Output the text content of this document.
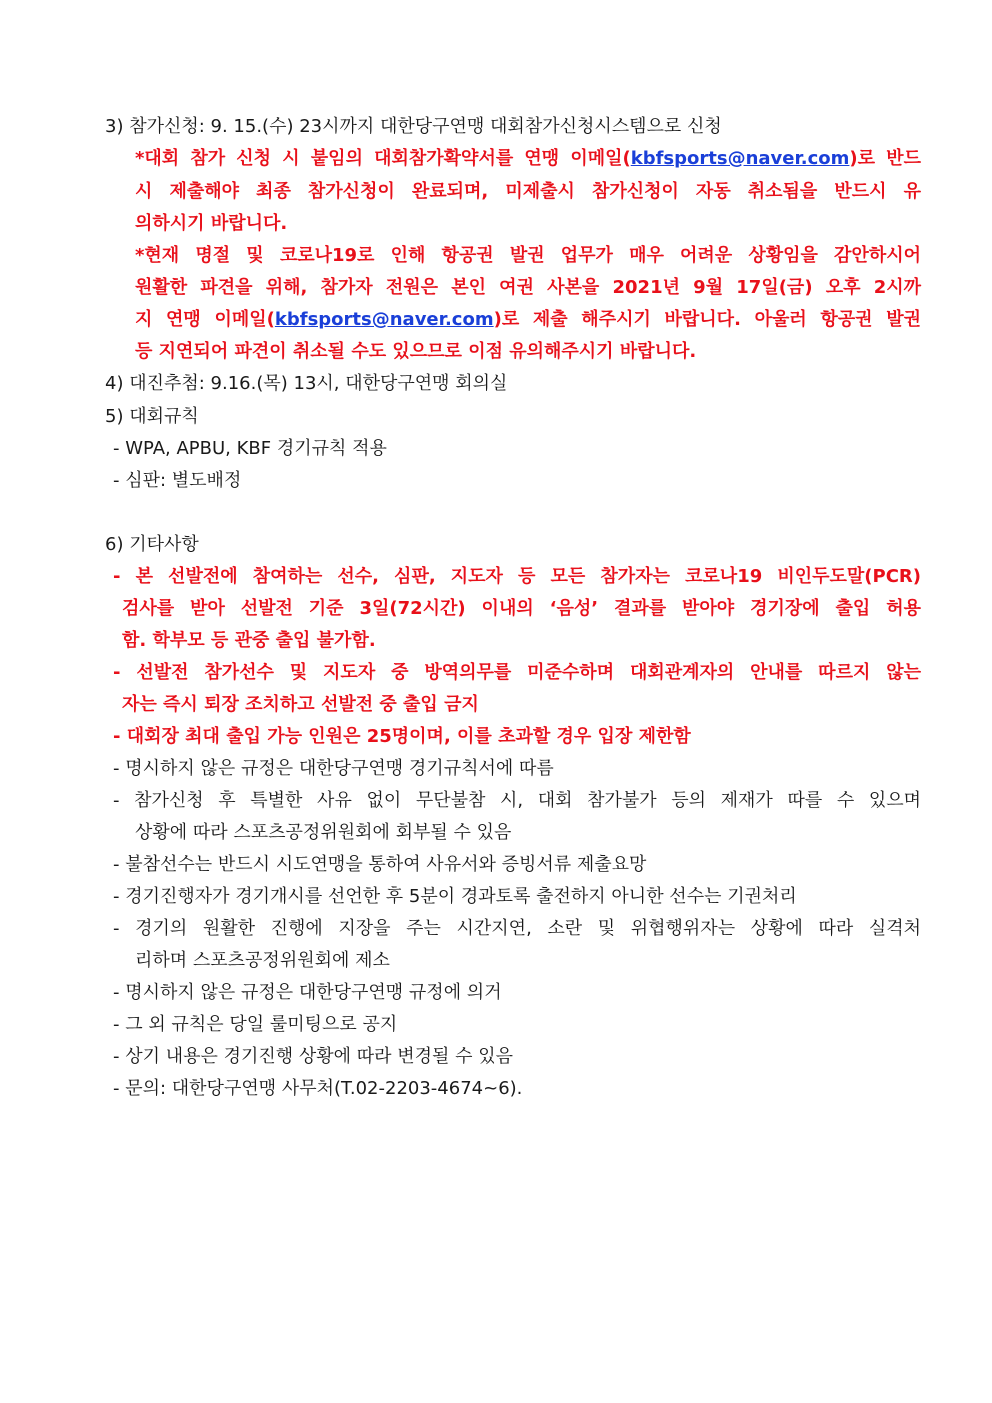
3) 참가신청: 9. 15.(수) 23시까지 대한당구연맹 대회참가신청시스템으로 신청
*대회 참가 신청 시 붙임의 대회참가확약서를 연맹 이메일(kbfsports@naver.com)로 반드
시 제출해야 최종 참가신청이 완료되며, 미제출시 참가신청이 자동 취소됨을 반드시 유
의하시기 바랍니다.
*현재 명절 및 코로나19로 인해 항공권 발권 업무가 매우 어려운 상황임을 감안하시어
원활한 파견을 위해, 참가자 전원은 본인 여권 사본을 2021년 9월 17일(금) 오후 2시까
지 연맹 이메일(kbfsports@naver.com)로 제출 해주시기 바랍니다. 아울러 항공권 발권
등 지연되어 파견이 취소될 수도 있으므로 이점 유의해주시기 바랍니다.
4) 대진추첨: 9.16.(목) 13시, 대한당구연맹 회의실
5) 대회규칙
- WPA, APBU, KBF 경기규칙 적용
- 심판: 별도배정
6) 기타사항
- 본 선발전에 참여하는 선수, 심판, 지도자 등 모든 참가자는 코로나19 비인두도말(PCR)
검사를 받아 선발전 기준 3일(72시간) 이내의 ‘음성’ 결과를 받아야 경기장에 출입 허용
함. 학부모 등 관중 출입 불가함.
- 선발전 참가선수 및 지도자 중 방역의무를 미준수하며 대회관계자의 안내를 따르지 않는
자는 즉시 퇴장 조치하고 선발전 중 출입 금지
- 대회장 최대 출입 가능 인원은 25명이며, 이를 초과할 경우 입장 제한함
- 명시하지 않은 규정은 대한당구연맹 경기규칙서에 따름
- 참가신청 후 특별한 사유 없이 무단불참 시, 대회 참가불가 등의 제재가 따를 수 있으며
상황에 따라 스포츠공정위원회에 회부될 수 있음
- 불참선수는 반드시 시도연맹을 통하여 사유서와 증빙서류 제출요망
- 경기진행자가 경기개시를 선언한 후 5분이 경과토록 출전하지 아니한 선수는 기권처리
- 경기의 원활한 진행에 지장을 주는 시간지연, 소란 및 위협행위자는 상황에 따라 실격처
리하며 스포츠공정위원회에 제소
- 명시하지 않은 규정은 대한당구연맹 규정에 의거
- 그 외 규칙은 당일 룰미팅으로 공지
- 상기 내용은 경기진행 상황에 따라 변경될 수 있음
- 문의: 대한당구연맹 사무처(T.02-2203-4674~6).
